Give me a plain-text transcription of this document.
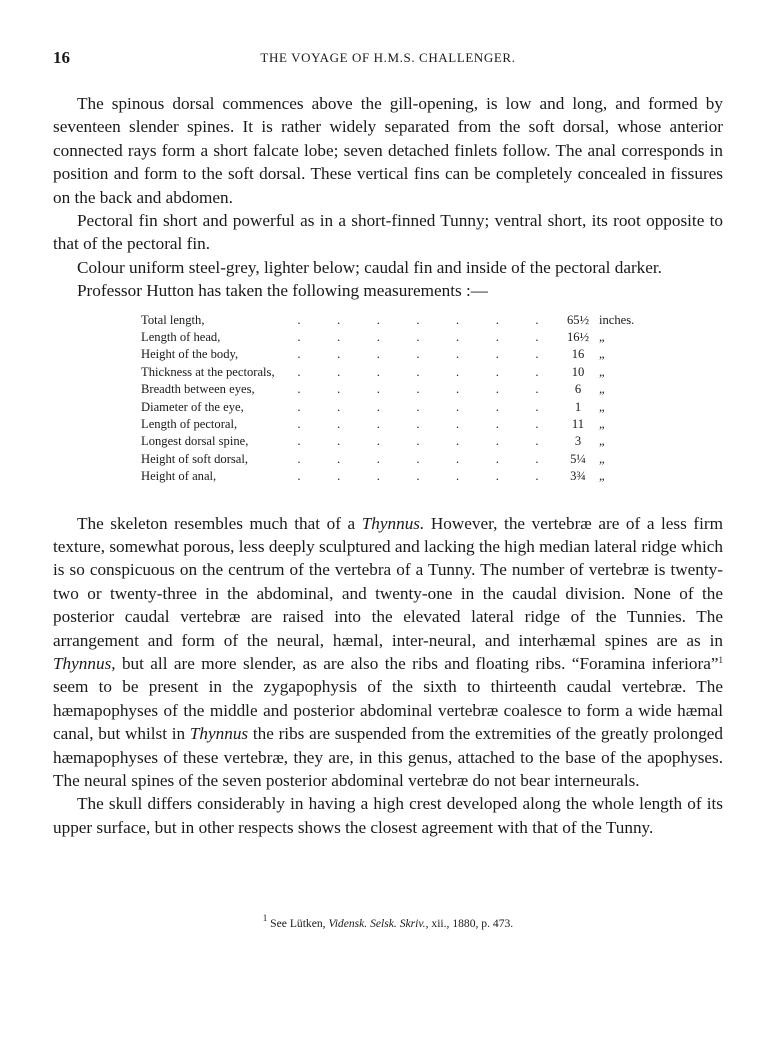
16	THE VOYAGE OF H.M.S. CHALLENGER.

The spinous dorsal commences above the gill-opening, is low and long, and formed by seventeen slender spines. It is rather widely separated from the soft dorsal, whose anterior connected rays form a short falcate lobe; seven detached finlets follow. The anal corresponds in position and form to the soft dorsal. These vertical fins can be completely concealed in fissures on the back and abdomen.

Pectoral fin short and powerful as in a short-finned Tunny; ventral short, its root opposite to that of the pectoral fin.

Colour uniform steel-grey, lighter below; caudal fin and inside of the pectoral darker.

Professor Hutton has taken the following measurements :—

Total length,	.	.	.	.	.	.	.	65½ inches.
Length of head,	.	.	.	.	.	.	.	16½ „
Height of the body,	.	.	.	.	.	.	.	16	„
Thickness at the pectorals,	.	.	.	.	.	.	.	10	„
Breadth between eyes,	.	.	.	.	.	.	.	6	„
Diameter of the eye,	.	.	.	.	.	.	.	1	„
Length of pectoral,	.	.	.	.	.	.	.	11	„
Longest dorsal spine,	.	.	.	.	.	.	.	3	„
Height of soft dorsal,	.	.	.	.	.	.	.	5¼	„
Height of anal,	.	.	.	.	.	.	.	3¾	„

The skeleton resembles much that of a Thynnus. However, the vertebræ are of a less firm texture, somewhat porous, less deeply sculptured and lacking the high median lateral ridge which is so conspicuous on the centrum of the vertebra of a Tunny. The number of vertebræ is twenty-two or twenty-three in the abdominal, and twenty-one in the caudal division. None of the posterior caudal vertebræ are raised into the elevated lateral ridge of the Tunnies. The arrangement and form of the neural, hæmal, inter-neural, and interhæmal spines are as in Thynnus, but all are more slender, as are also the ribs and floating ribs. “Foramina inferiora”$^1$ seem to be present in the zygapophysis of the sixth to thirteenth caudal vertebræ. The hæmapophyses of the middle and posterior abdominal vertebræ coalesce to form a wide hæmal canal, but whilst in Thynnus the ribs are suspended from the extremities of the greatly prolonged hæmapophyses of these vertebræ, they are, in this genus, attached to the base of the apophyses. The neural spines of the seven posterior abdominal vertebræ do not bear interneurals.

The skull differs considerably in having a high crest developed along the whole length of its upper surface, but in other respects shows the closest agreement with that of the Tunny.

$^1$ See Lütken, Vidensk. Selsk. Skriv., xii., 1880, p. 473.
